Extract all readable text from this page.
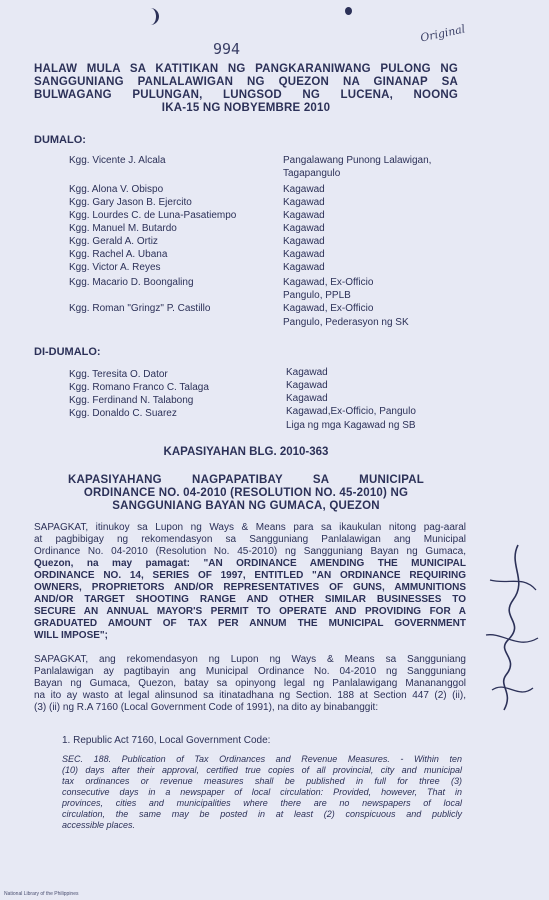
994
Original
HALAW MULA SA KATITIKAN NG PANGKARANIWANG PULONG NG
SANGGUNIANG PANLALAWIGAN NG QUEZON NA GINANAP SA
BULWAGANG PULUNGAN, LUNGSOD NG LUCENA, NOONG
IKA-15 NG NOBYEMBRE 2010
DUMALO:
Kgg. Vicente J. Alcala	Pangalawang Punong Lalawigan,
Tagapangulo
Kgg. Alona V. Obispo	Kagawad
Kgg. Gary Jason B. Ejercito	Kagawad
Kgg. Lourdes C. de Luna-Pasatiempo	Kagawad
Kgg. Manuel M. Butardo	Kagawad
Kgg. Gerald A. Ortiz	Kagawad
Kgg. Rachel A. Ubana	Kagawad
Kgg. Victor A. Reyes	Kagawad
Kgg. Macario D. Boongaling	Kagawad, Ex-Officio
Pangulo, PPLB
Kgg. Roman "Gringz" P. Castillo	Kagawad, Ex-Officio
Pangulo, Pederasyon ng SK
DI-DUMALO:
Kgg. Teresita O. Dator	Kagawad
Kgg. Romano Franco C. Talaga	Kagawad
Kgg. Ferdinand N. Talabong	Kagawad
Kgg. Donaldo C. Suarez	Kagawad,Ex-Officio, Pangulo
Liga ng mga Kagawad ng SB
KAPASIYAHAN BLG. 2010-363
KAPASIYAHANG NAGPAPATIBAY SA MUNICIPAL
ORDINANCE NO. 04-2010 (RESOLUTION NO. 45-2010) NG
SANGGUNIANG BAYAN NG GUMACA, QUEZON
SAPAGKAT, itinukoy sa Lupon ng Ways & Means para sa ikaukulan nitong pag-aaral
at pagbibigay ng rekomendasyon sa Sangguniang Panlalawigan ang Municipal
Ordinance No. 04-2010 (Resolution No. 45-2010) ng Sangguniang Bayan ng Gumaca,
Quezon, na may pamagat: "AN ORDINANCE AMENDING THE MUNICIPAL
ORDINANCE NO. 14, SERIES OF 1997, ENTITLED "AN ORDINANCE REQUIRING
OWNERS, PROPRIETORS AND/OR REPRESENTATIVES OF GUNS, AMMUNITIONS
AND/OR TARGET SHOOTING RANGE AND OTHER SIMILAR BUSINESSES TO
SECURE AN ANNUAL MAYOR'S PERMIT TO OPERATE AND PROVIDING FOR A
GRADUATED AMOUNT OF TAX PER ANNUM THE MUNICIPAL GOVERNMENT
WILL IMPOSE";
SAPAGKAT, ang rekomendasyon ng Lupon ng Ways & Means sa Sangguniang
Panlalawigan ay pagtibayin ang Municipal Ordinance No. 04-2010 ng Sangguniang
Bayan ng Gumaca, Quezon, batay sa opinyong legal ng Panlalawigang Manananggol
na ito ay wasto at legal alinsunod sa itinatadhana ng Section. 188 at Section 447 (2) (ii),
(3) (ii) ng R.A 7160 (Local Government Code of 1991), na dito ay binabanggit:
1. Republic Act 7160, Local Government Code:
SEC. 188. Publication of Tax Ordinances and Revenue Measures. - Within ten
(10) days after their approval, certified true copies of all provincial, city and municipal
tax ordinances or revenue measures shall be published in full for three (3)
consecutive days in a newspaper of local circulation: Provided, however, That in
provinces, cities and municipalities where there are no newspapers of local
circulation, the same may be posted in at least (2) conspicuous and publicly
accessible places.
National Library of the Philippines
